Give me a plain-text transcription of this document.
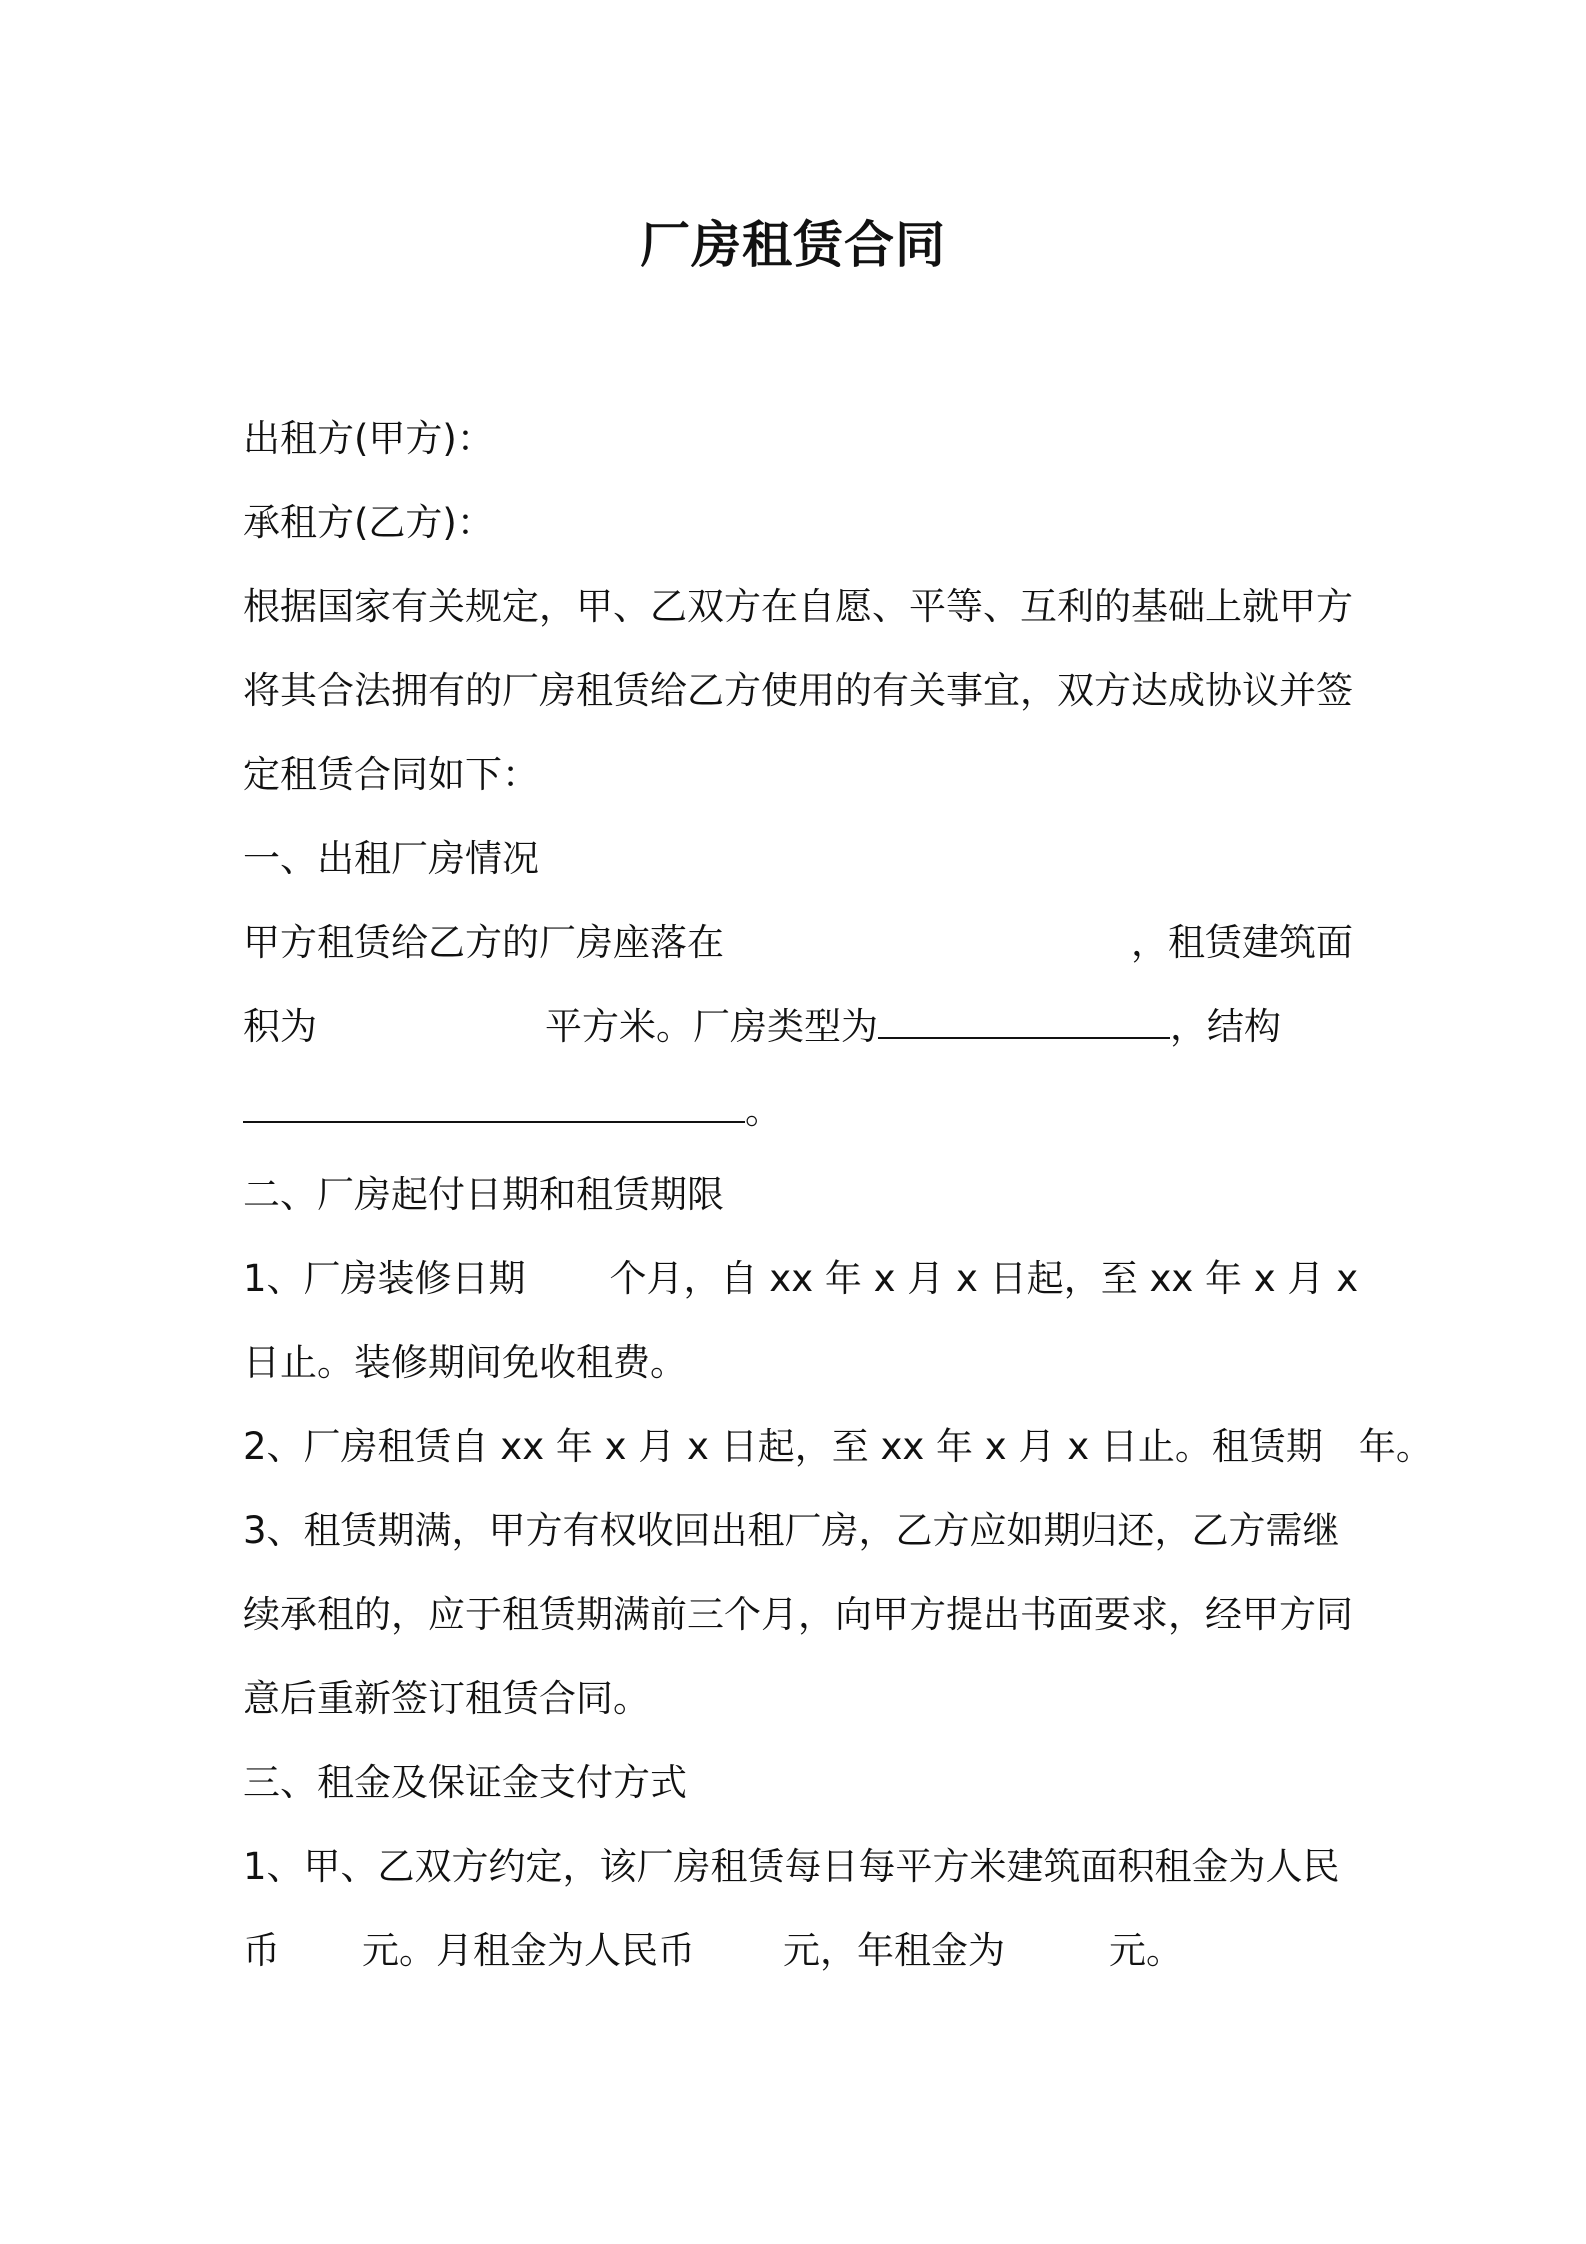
厂房租赁合同
出租方(甲方)：
承租方(乙方)：
根据国家有关规定，甲、乙双方在自愿、平等、互利的基础上就甲方
将其合法拥有的厂房租赁给乙方使用的有关事宜，双方达成协议并签
定租赁合同如下：
一、出租厂房情况
甲方租赁给乙方的厂房座落在	，租赁建筑面
积为	平方米。厂房类型为	，结构
。
二、厂房起付日期和租赁期限
1、厂房装修日期 个月，自 xx 年 x 月 x 日起，至 xx 年 x 月 x
日止。装修期间免收租费。
2、厂房租赁自 xx 年 x 月 x 日起，至 xx 年 x 月 x 日止。租赁期 年。
3、租赁期满，甲方有权收回出租厂房，乙方应如期归还，乙方需继
续承租的，应于租赁期满前三个月，向甲方提出书面要求，经甲方同
意后重新签订租赁合同。
三、租金及保证金支付方式
1、甲、乙双方约定，该厂房租赁每日每平方米建筑面积租金为人民
币 元。月租金为人民币 元，年租金为	元。
